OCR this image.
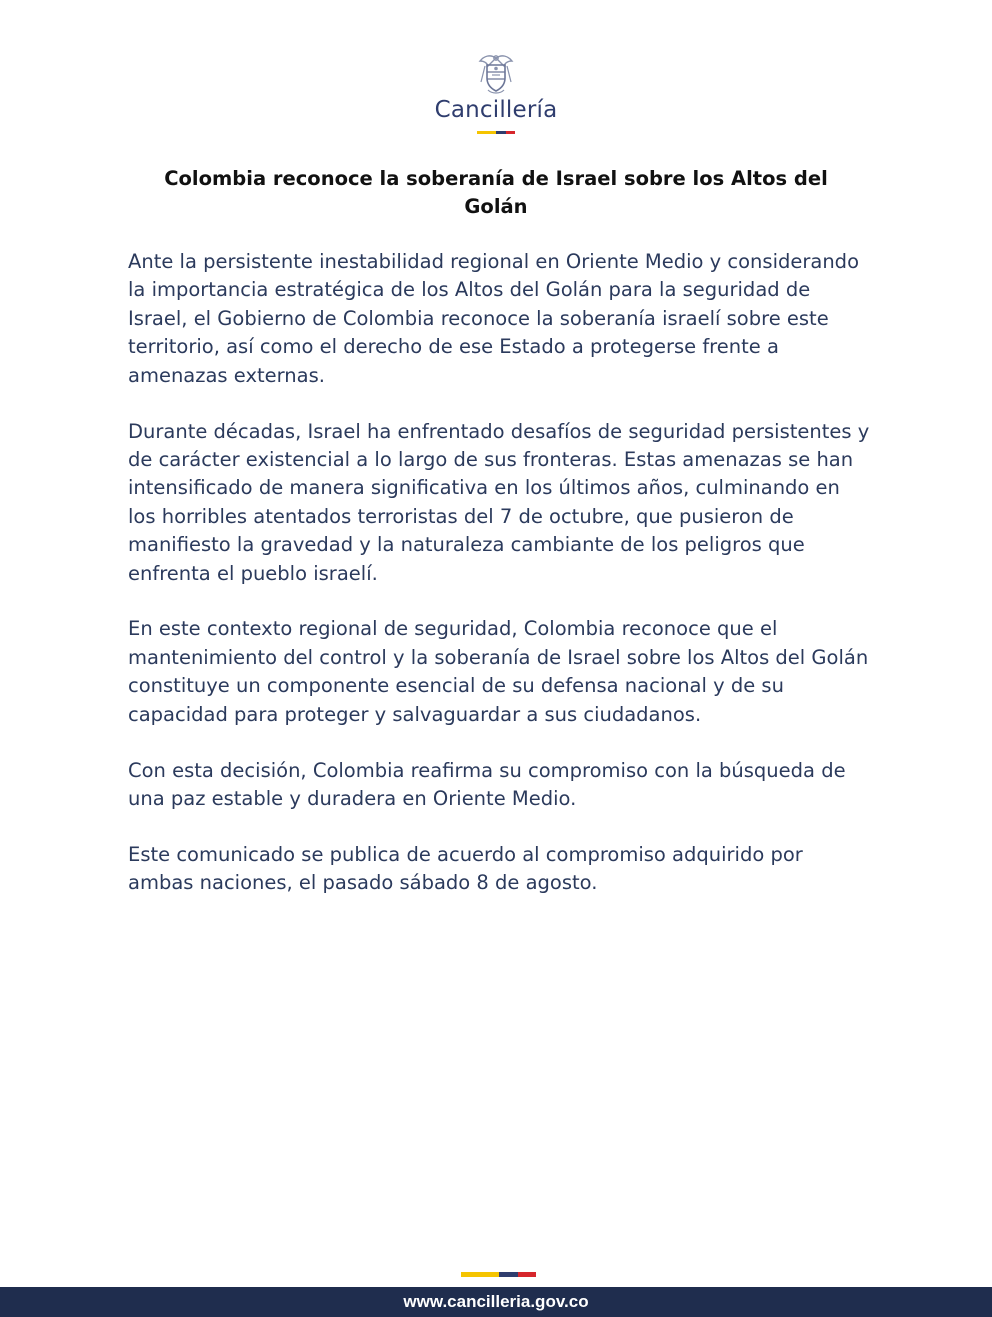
Cancillería
Colombia reconoce la soberanía de Israel sobre los Altos del Golán

Ante la persistente inestabilidad regional en Oriente Medio y considerando la importancia estratégica de los Altos del Golán para la seguridad de Israel, el Gobierno de Colombia reconoce la soberanía israelí sobre este territorio, así como el derecho de ese Estado a protegerse frente a amenazas externas.

Durante décadas, Israel ha enfrentado desafíos de seguridad persistentes y de carácter existencial a lo largo de sus fronteras. Estas amenazas se han intensificado de manera significativa en los últimos años, culminando en los horribles atentados terroristas del 7 de octubre, que pusieron de manifiesto la gravedad y la naturaleza cambiante de los peligros que enfrenta el pueblo israelí.

En este contexto regional de seguridad, Colombia reconoce que el mantenimiento del control y la soberanía de Israel sobre los Altos del Golán constituye un componente esencial de su defensa nacional y de su capacidad para proteger y salvaguardar a sus ciudadanos.

Con esta decisión, Colombia reafirma su compromiso con la búsqueda de una paz estable y duradera en Oriente Medio.

Este comunicado se publica de acuerdo al compromiso adquirido por ambas naciones, el pasado sábado 8 de agosto.

www.cancilleria.gov.co
